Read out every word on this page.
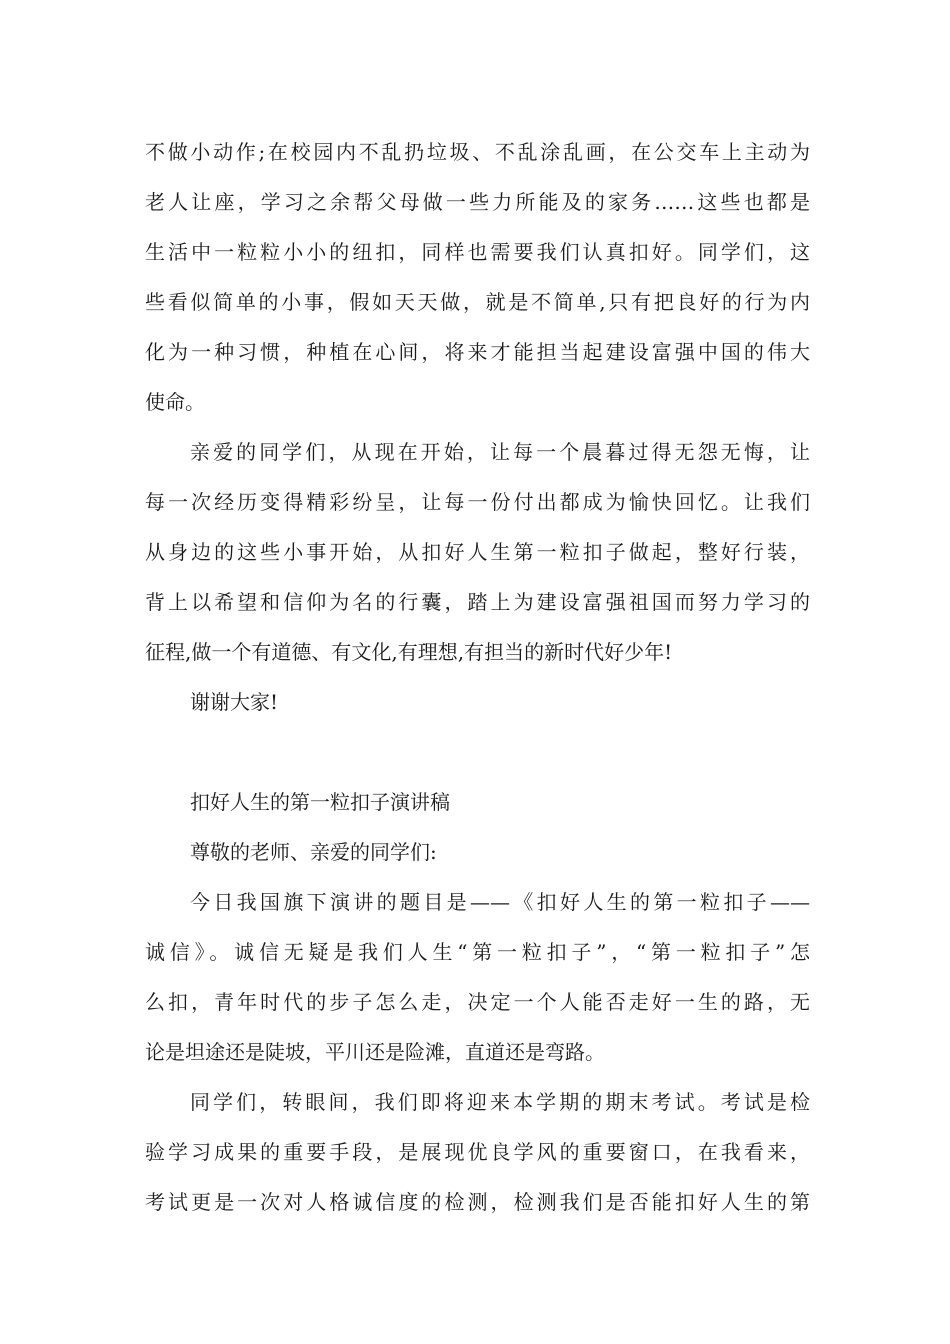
不做小动作;在校园内不乱扔垃圾、不乱涂乱画，在公交车上主动为
老人让座，学习之余帮父母做一些力所能及的家务……这些也都是
生活中一粒粒小小的纽扣，同样也需要我们认真扣好。同学们，这
些看似简单的小事，假如天天做，就是不简单,只有把良好的行为内
化为一种习惯，种植在心间，将来才能担当起建设富强中国的伟大
使命。
亲爱的同学们，从现在开始，让每一个晨暮过得无怨无悔，让
每一次经历变得精彩纷呈，让每一份付出都成为愉快回忆。让我们
从身边的这些小事开始，从扣好人生第一粒扣子做起，整好行装，
背上以希望和信仰为名的行囊，踏上为建设富强祖国而努力学习的
征程,做一个有道德、有文化,有理想,有担当的新时代好少年!
谢谢大家!
扣好人生的第一粒扣子演讲稿
尊敬的老师、亲爱的同学们:
今日我国旗下演讲的题目是——《扣好人生的第一粒扣子——
诚信》。诚信无疑是我们人生“第一粒扣子”，“第一粒扣子”怎
么扣，青年时代的步子怎么走，决定一个人能否走好一生的路，无
论是坦途还是陡坡，平川还是险滩，直道还是弯路。
同学们，转眼间，我们即将迎来本学期的期末考试。考试是检
验学习成果的重要手段，是展现优良学风的重要窗口，在我看来，
考试更是一次对人格诚信度的检测，检测我们是否能扣好人生的第
